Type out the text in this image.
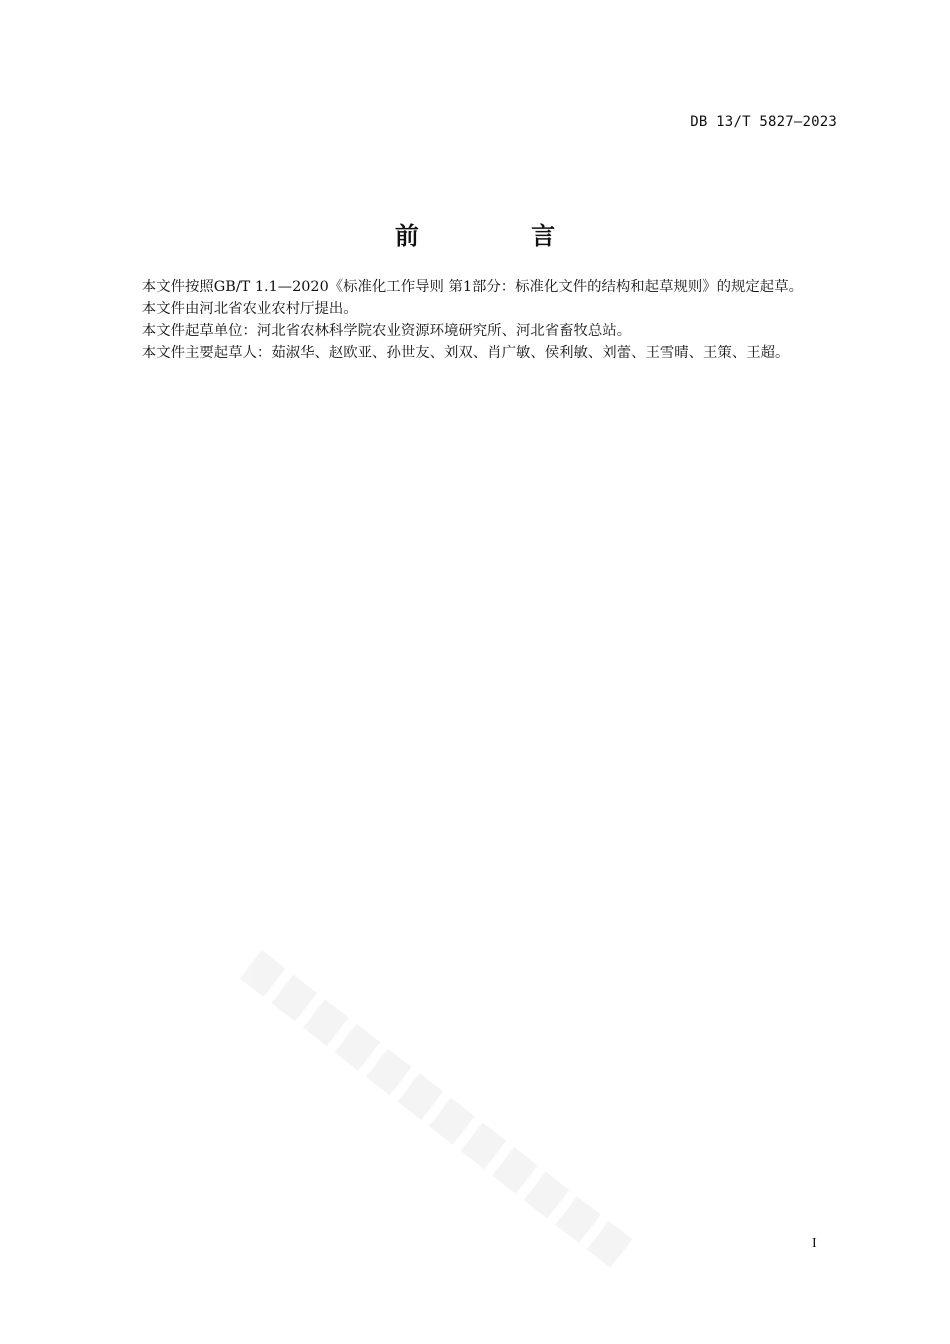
DB 13/T 5827—2023
前 言

本文件按照GB/T 1.1—2020《标准化工作导则 第1部分：标准化文件的结构和起草规则》的规定起草。

本文件由河北省农业农村厅提出。

本文件起草单位：河北省农林科学院农业资源环境研究所、河北省畜牧总站。

本文件主要起草人：茹淑华、赵欧亚、孙世友、刘双、肖广敏、侯利敏、刘蕾、王雪晴、王策、王超。

I
